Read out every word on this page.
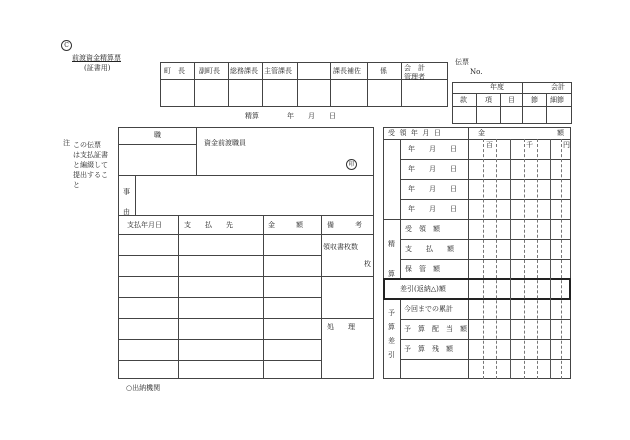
C
前渡資金精算票
(証書用)	町　長 副町長 総務課長 主管課長	課長補佐	係 会　計
管理者
伝票
No.
年度	会計
款	項 目 節 細節
精算　　　　年　　月　　日
注 この伝票
は支払証書
と編綴して
提出するこ
と
職
資金前渡職員
印
事
由
支払年月日	支　　払　　先	金　　　額	備　　　考
領収書枚数
枚
処　　理
受 領 年 月 日	金	額
百	千	円
年　　月　　日
年　　月　　日
年　　月　　日
年　　月　　日
精
算
受　領　額
支　　払　　額
保　管　額
差引(返納△)額
予
算
差
引
今回までの累計
予　算　配　当　額
予　算　残　額
○出納機関
